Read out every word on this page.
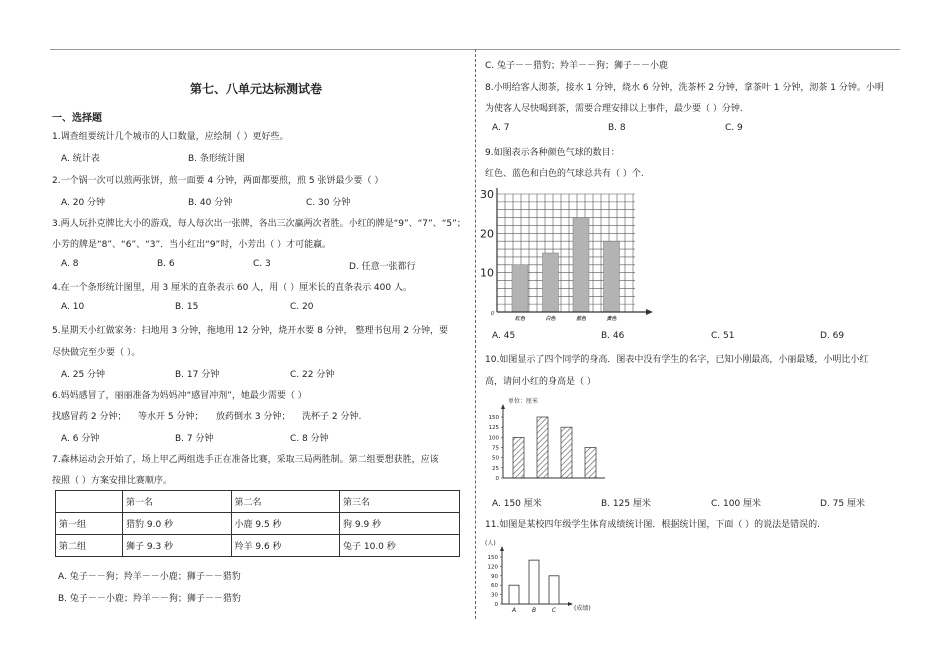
第七、八单元达标测试卷
一、选择题
1.调查组要统计几个城市的人口数量，应绘制（ ）更好些。
A. 统计表	B. 条形统计图
2.一个锅一次可以煎两张饼，煎一面要 4 分钟，两面都要煎，煎 5 张饼最少要（ ）
A. 20 分钟	B. 40 分钟	C. 30 分钟
3.两人玩扑克牌比大小的游戏，每人每次出一张牌，各出三次赢两次者胜。小红的牌是“9”、“7”、“5”；
小芳的牌是“8”、“6”、“3”．当小红出“9”时，小芳出（ ）才可能赢。
A. 8	B. 6	C. 3	D. 任意一张都行
4.在一个条形统计图里，用 3 厘米的直条表示 60 人，用（ ）厘米长的直条表示 400 人。
A. 10	B. 15	C. 20
5.星期天小红做家务：扫地用 3 分钟，拖地用 12 分钟，烧开水要 8 分钟， 整理书包用 2 分钟，要
尽快做完至少要（ ）。
A. 25 分钟	B. 17 分钟	C. 22 分钟
6.妈妈感冒了，丽丽准备为妈妈冲“感冒冲剂”，她最少需要（ ）
找感冒药 2 分钟； 等水开 5 分钟； 放药倒水 3 分钟； 洗杯子 2 分钟.
A. 6 分钟	B. 7 分钟	C. 8 分钟
7.森林运动会开始了，场上甲乙两组选手正在准备比赛，采取三局两胜制。第二组要想获胜，应该
按照（ ）方案安排比赛顺序。
	第一名	第二名	第三名
第一组	猎豹 9.0 秒	小鹿 9.5 秒	狗 9.9 秒
第二组	狮子 9.3 秒	羚羊 9.6 秒	兔子 10.0 秒
A. 兔子－－狗；羚羊－－小鹿；狮子－－猎豹
B. 兔子－－小鹿；羚羊－－狗；狮子－－猎豹
C. 兔子－－猎豹；羚羊－－狗；狮子－－小鹿
8.小明给客人沏茶，接水 1 分钟，烧水 6 分钟，洗茶杯 2 分钟，拿茶叶 1 分钟，沏茶 1 分钟。小明
为使客人尽快喝到茶，需要合理安排以上事件，最少要（ ）分钟.
A. 7	B. 8	C. 9
9.如图表示各种颜色气球的数目：
红色、蓝色和白色的气球总共有（ ）个.
红色	白色	蓝色	黄色
0
10
20
30
A. 45	B. 46	C. 51	D. 69
10.如图显示了四个同学的身高．图表中没有学生的名字，已知小刚最高，小丽最矮，小明比小红
高，请问小红的身高是（ ）
单位：厘米
0
25
50
75
100
125
150
A. 150 厘米	B. 125 厘米	C. 100 厘米	D. 75 厘米
11.如图是某校四年级学生体育成绩统计图．根据统计图，下面（ ）的说法是错误的.
(人)
(成绩)
0
30
60
90
120
150
A	B	C
